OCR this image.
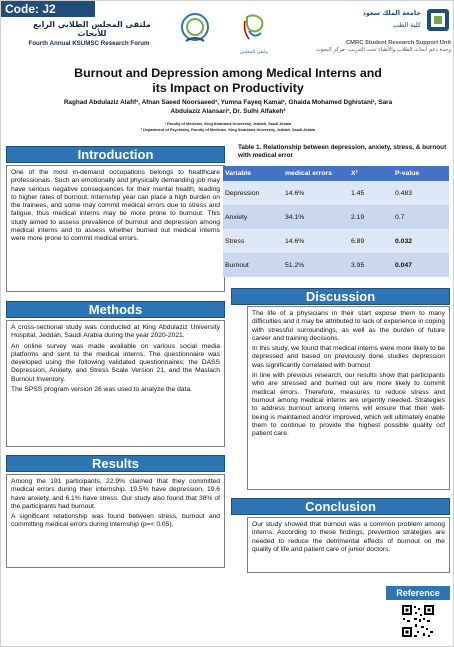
Code: J2
ملتقى المجلس الطلابي الرابع للأبحاث
Fourth Annual KSUMSC Research Forum
ملتقى المجلس
جامعة الملك سعود
كلية الطب
CMRC Student Research Support Unit
وحدة دعم أبحاث الطلاب والأطباء تحت التدريب -مركز البحوث
Burnout and Depression among Medical Interns and
its Impact on Productivity
Raghad Abdulaziz Alafif¹, Afnan Saeed Noorsaeed¹, Yumna Fayeq Kamal¹, Ghaida Mohamed Dghistani¹, Sara
Abdulaziz Alansari¹, Dr. Sulhi Alfakeh²
¹ Faculty of Medicine, King Abdulaziz University, Jeddah, Saudi Arabia
² Department of Psychiatry, Faculty of Medicine, King Abdulaziz University, Jeddah, Saudi Arabia
Introduction

One of the most in-demand occupations belongs to healthcare professionals. Such an emotionally and physically demanding job may have serious negative consequences for their mental health, leading to higher rates of burnout. Internship year can place a high burden on the trainees, and some may commit medical errors due to stress and fatigue, thus medical interns may be more prone to burnout. This study aimed to assess prevalence of burnout and depression among medical interns and to assess whether burned out medical interns were more prone to commit medical errors.

Methods

A cross-sectional study was conducted at King Abdulaziz University Hospital, Jeddah, Saudi Arabia during the year 2020-2021.

An online survey was made available on various social media platforms and sent to the medical interns. The questionnaire was developed using the following validated questionnaires; the DASS Depression, Anxiety, and Stress Scale Version 21, and the Maslach Burnout Inventory.

The SPSS program version 26 was used to analyze the data.

Results

Among the 191 participants, 22.9% claimed that they committed medical errors during their internship. 19.5% have depression, 19.6 have anxiety, and 6.1% have stress. Our study also found that 38% of the participants had burnout.

A significant relationship was found between stress, burnout and committing medical errors during internship (p=< 0.05).

Table 1. Relationship between depression, anxiety, stress, & burnout with medical error
Variable	medical errors	X²	P-value
Depression	14.6%	1.45	0.483
Anxiety	34.1%	2.19	0.7
Stress	14.6%	6.89	0.032
Burnout	51.2%	3.95	0.047
Discussion

The life of a physicians in their start expose them to many difficulties and it may be attributed to lack of experience in coping with stressful surroundings, as well as the burden of future career and training decisions.

In this study, we found that medical interns were more likely to be depressed and based on previously done studies depression was significantly correlated with burnout

In line with previous research, our results show that participants who are stressed and burned out are more likely to commit medical errors. Therefore, measures to reduce stress and burnout among medical interns are urgently needed. Strategies to address burnout among interns will ensure that their well-being is maintained and/or improved, which will ultimately enable them to continue to provide the highest possible quality ocf patient care.

Conclusion

Our study showed that burnout was a common problem among interns. According to these findings, prevention strategies are needed to reduce the detrimental effects of burnout on the quality of life and patient care of junior doctors.

Reference
